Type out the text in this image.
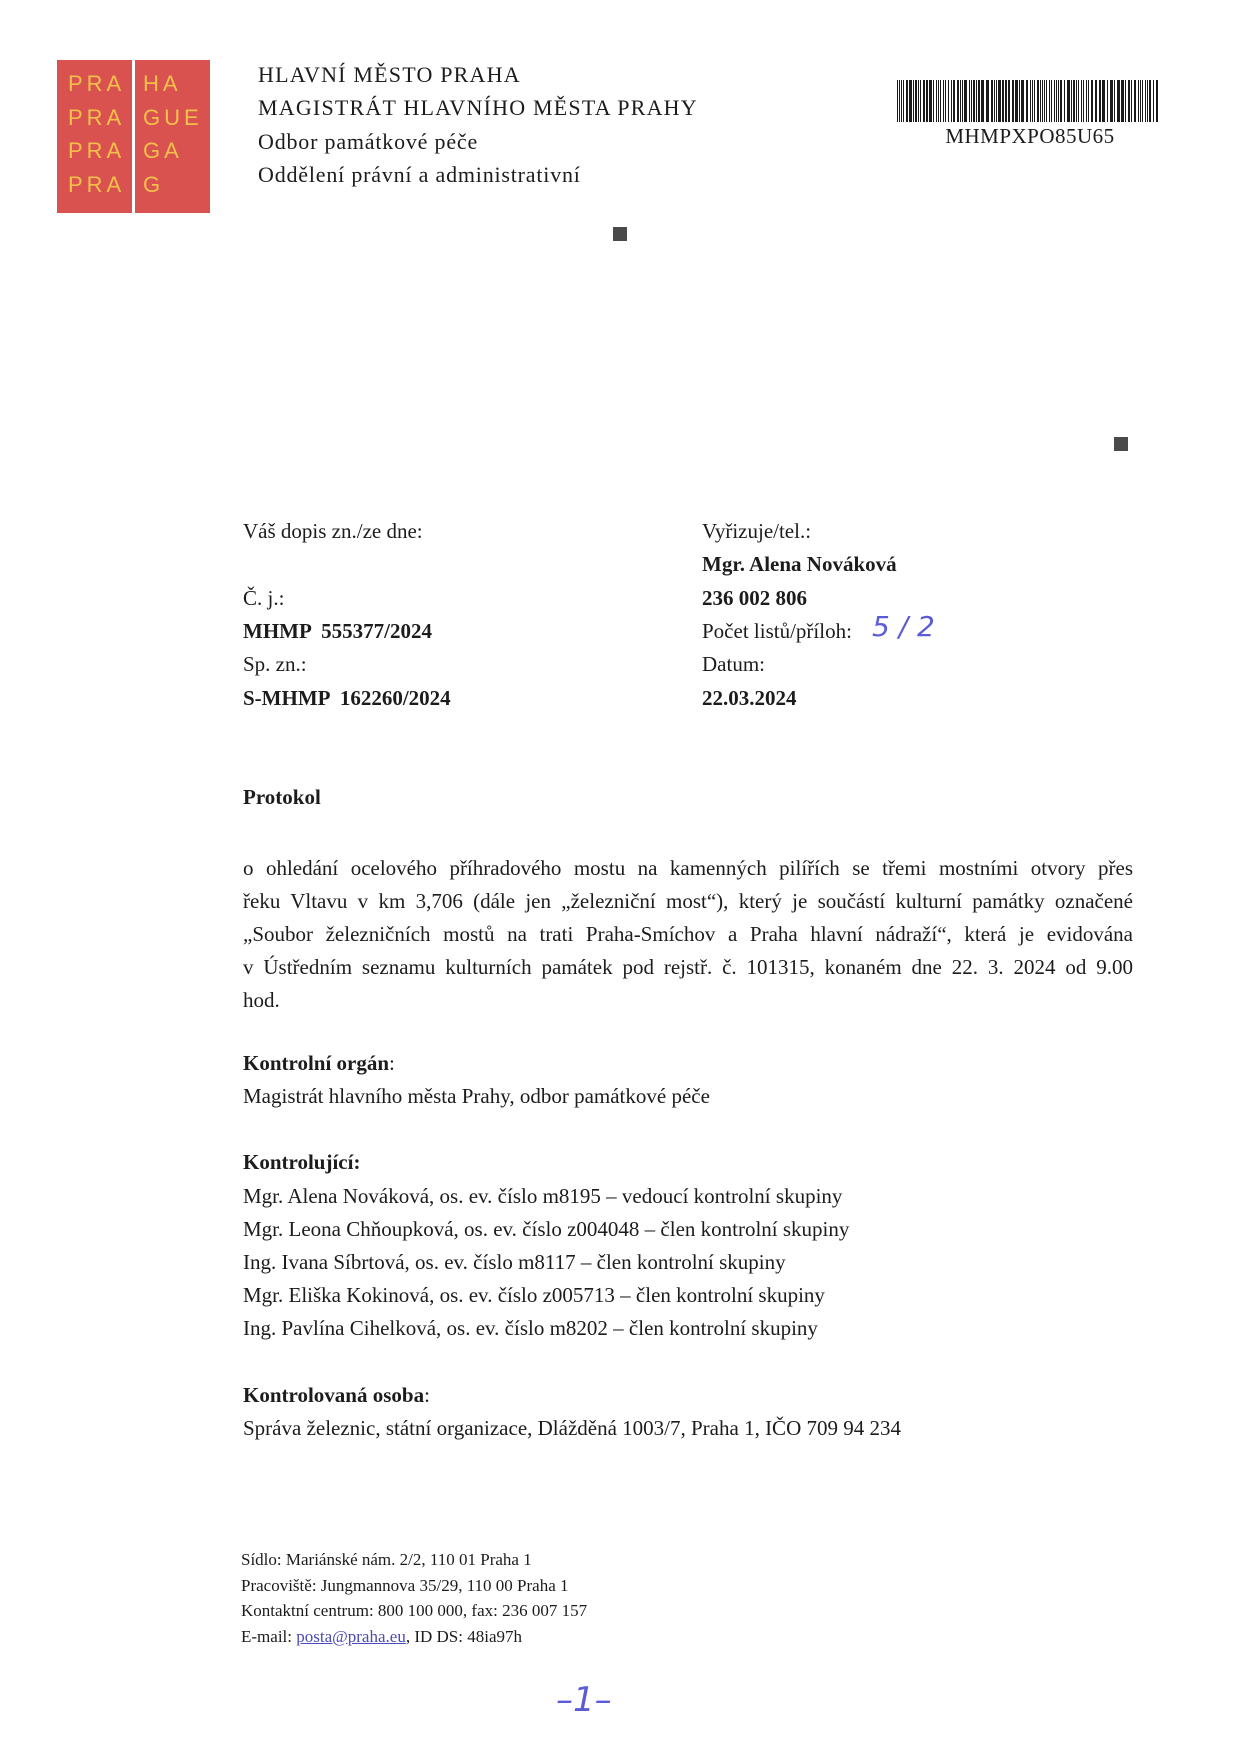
PRA HA
PRA GUE
PRA GA
PRA G
HLAVNÍ MĚSTO PRAHA
MAGISTRÁT HLAVNÍHO MĚSTA PRAHY
Odbor památkové péče
Oddělení právní a administrativní
MHMPXPO85U65
Váš dopis zn./ze dne:
Č. j.:
MHMP  555377/2024
Sp. zn.:
S-MHMP  162260/2024
Vyřizuje/tel.:
Mgr. Alena Nováková
236 002 806
Počet listů/příloh: 5 / 2
Datum:
22.03.2024
Protokol
o ohledání ocelového příhradového mostu na kamenných pilířích se třemi mostními otvory přes
řeku Vltavu v km 3,706 (dále jen „železniční most“), který je součástí kulturní památky označené
„Soubor železničních mostů na trati Praha-Smíchov a Praha hlavní nádraží“, která je evidována
v Ústředním seznamu kulturních památek pod rejstř. č. 101315, konaném dne 22. 3. 2024 od 9.00
hod.
Kontrolní orgán:
Magistrát hlavního města Prahy, odbor památkové péče
Kontrolující:
Mgr. Alena Nováková, os. ev. číslo m8195 – vedoucí kontrolní skupiny
Mgr. Leona Chňoupková, os. ev. číslo z004048 – člen kontrolní skupiny
Ing. Ivana Síbrtová, os. ev. číslo m8117 – člen kontrolní skupiny
Mgr. Eliška Kokinová, os. ev. číslo z005713 – člen kontrolní skupiny
Ing. Pavlína Cihelková, os. ev. číslo m8202 – člen kontrolní skupiny
Kontrolovaná osoba:
Správa železnic, státní organizace, Dlážděná 1003/7, Praha 1, IČO 709 94 234
Sídlo: Mariánské nám. 2/2, 110 01 Praha 1
Pracoviště: Jungmannova 35/29, 110 00 Praha 1
Kontaktní centrum: 800 100 000, fax: 236 007 157
E-mail: posta@praha.eu, ID DS: 48ia97h
–1–
